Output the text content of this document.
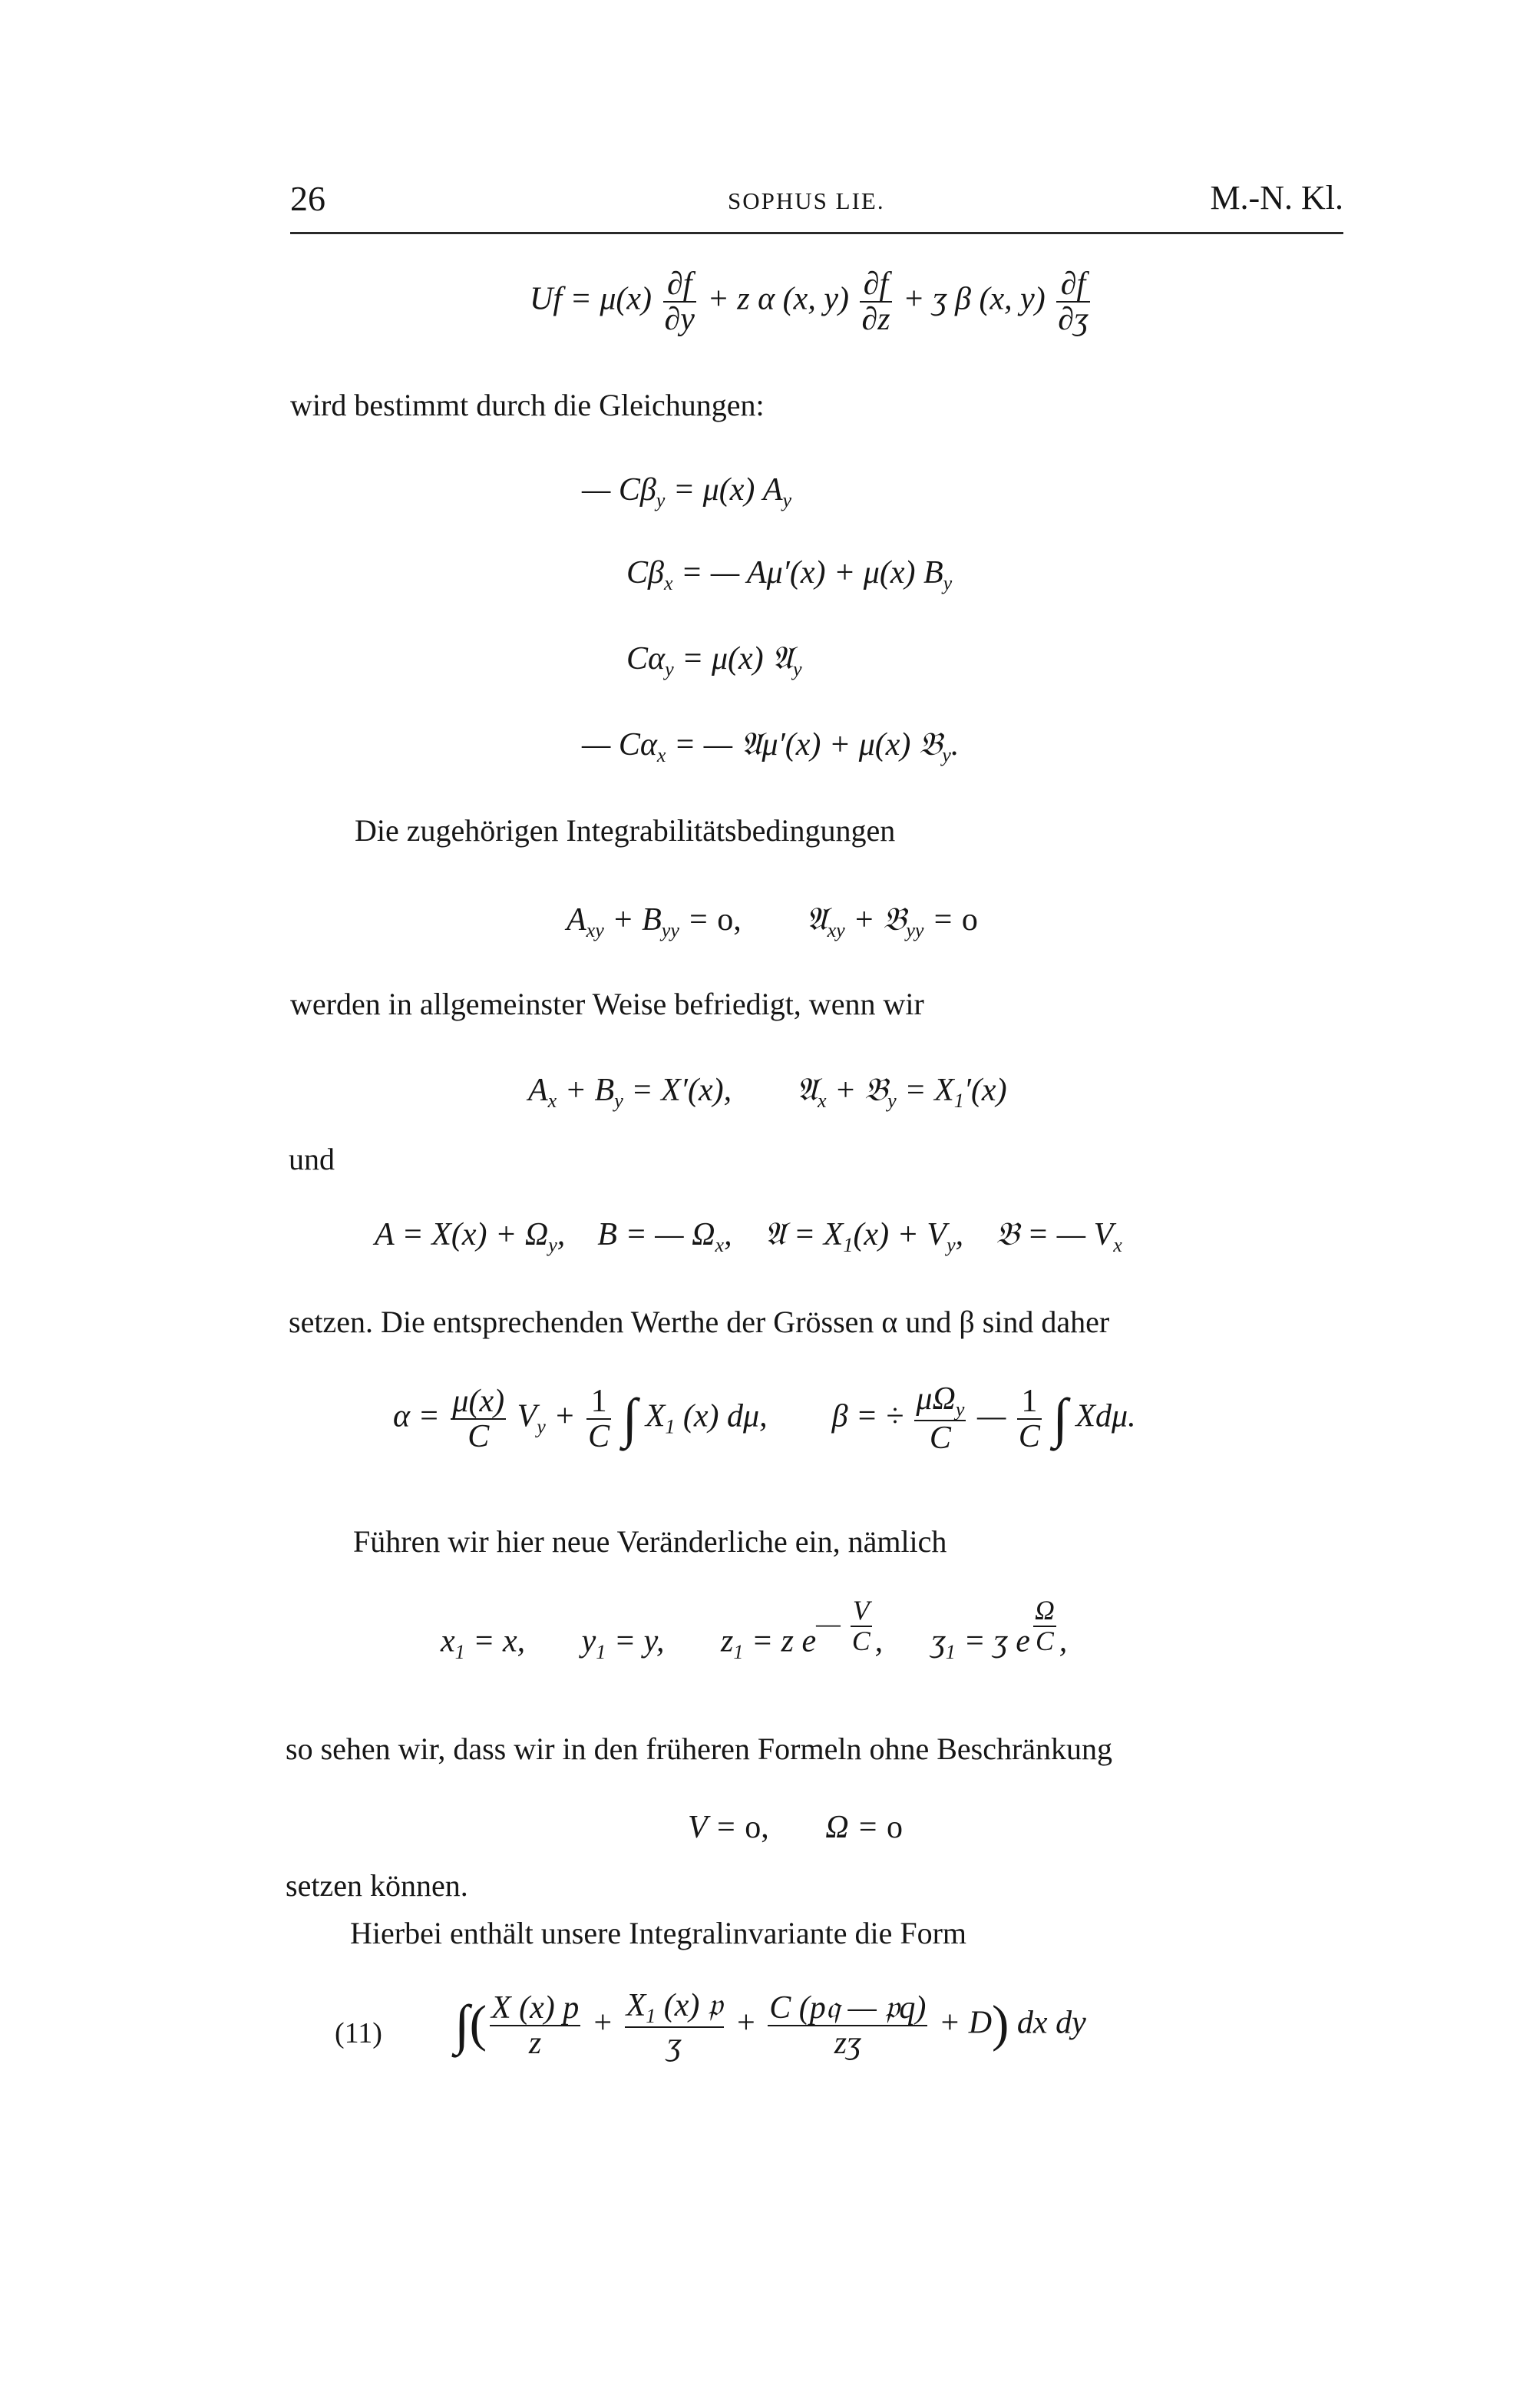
26	SOPHUS LIE.	M.-N. Kl.
$Uf = \mu(x) \frac{\partial f}{\partial y} + z$ α (x, $y) \frac{\partial f}{\partial z}$ + ʒ β (x, $y) \frac{\partial f}{\text{∂ʒ}}$
wird bestimmt durch die Gleichungen:
— $C\beta_y = \mu(x)$ $A_y$
$C\beta_x$ = — Aμ′(x) + μ(x) $B_y$
$C\alpha_y = \mu(x)$ 𝔄$_y$
— $C\alpha_x$ = — 𝔄μ′(x) + μ(x) 𝔅$_y$.
Die zugehörigen Integrabilitätsbedingungen
$A_{xy} + B_{yy} = o$,        𝔄$_{xy}$ + 𝔅$_{yy}$ = o
werden in allgemeinster Weise befriedigt, wenn wir
$A_x + B_y = X'(x)$,        𝔄$_x$ + 𝔅$_y$ = $X_1'(x)$
und
$A = X(x) + \Omega_y$,    B = — $\Omega_x$,    𝔄 = $X_1(x) + V_y$,    𝔅 = — $V_x$
setzen. Die entsprechenden Werthe der Grössen α und β sind daher
$\alpha = \frac{\mu(x)}{C} V_y + \frac{1}{C}$ ∫ $X_1$ (x) dμ,        β = ÷ $\mu\Omega_y$
C
— $\frac{1}{C}$ ∫ Xdμ.
Führen wir hier neue Veränderliche ein, nämlich
$x_1 = x$,       $y_1 = y$,       $z_1 = z$ e— $\frac{V}{C}$ ,      ʒ$_1$ = ʒ e $\frac{\Omega}{C}$ ,
so sehen wir, dass wir in den früheren Formeln ohne Beschränkung
V = o,       Ω = o
setzen können.
Hierbei enthält unsere Integralinvariante die Form
(11) ∫( $\frac{X (x) p}{z} + X_1$ (x) 𝔭
ʒ
+ C (p𝔮 — 𝔭q)
zʒ
+ D) dx dy
